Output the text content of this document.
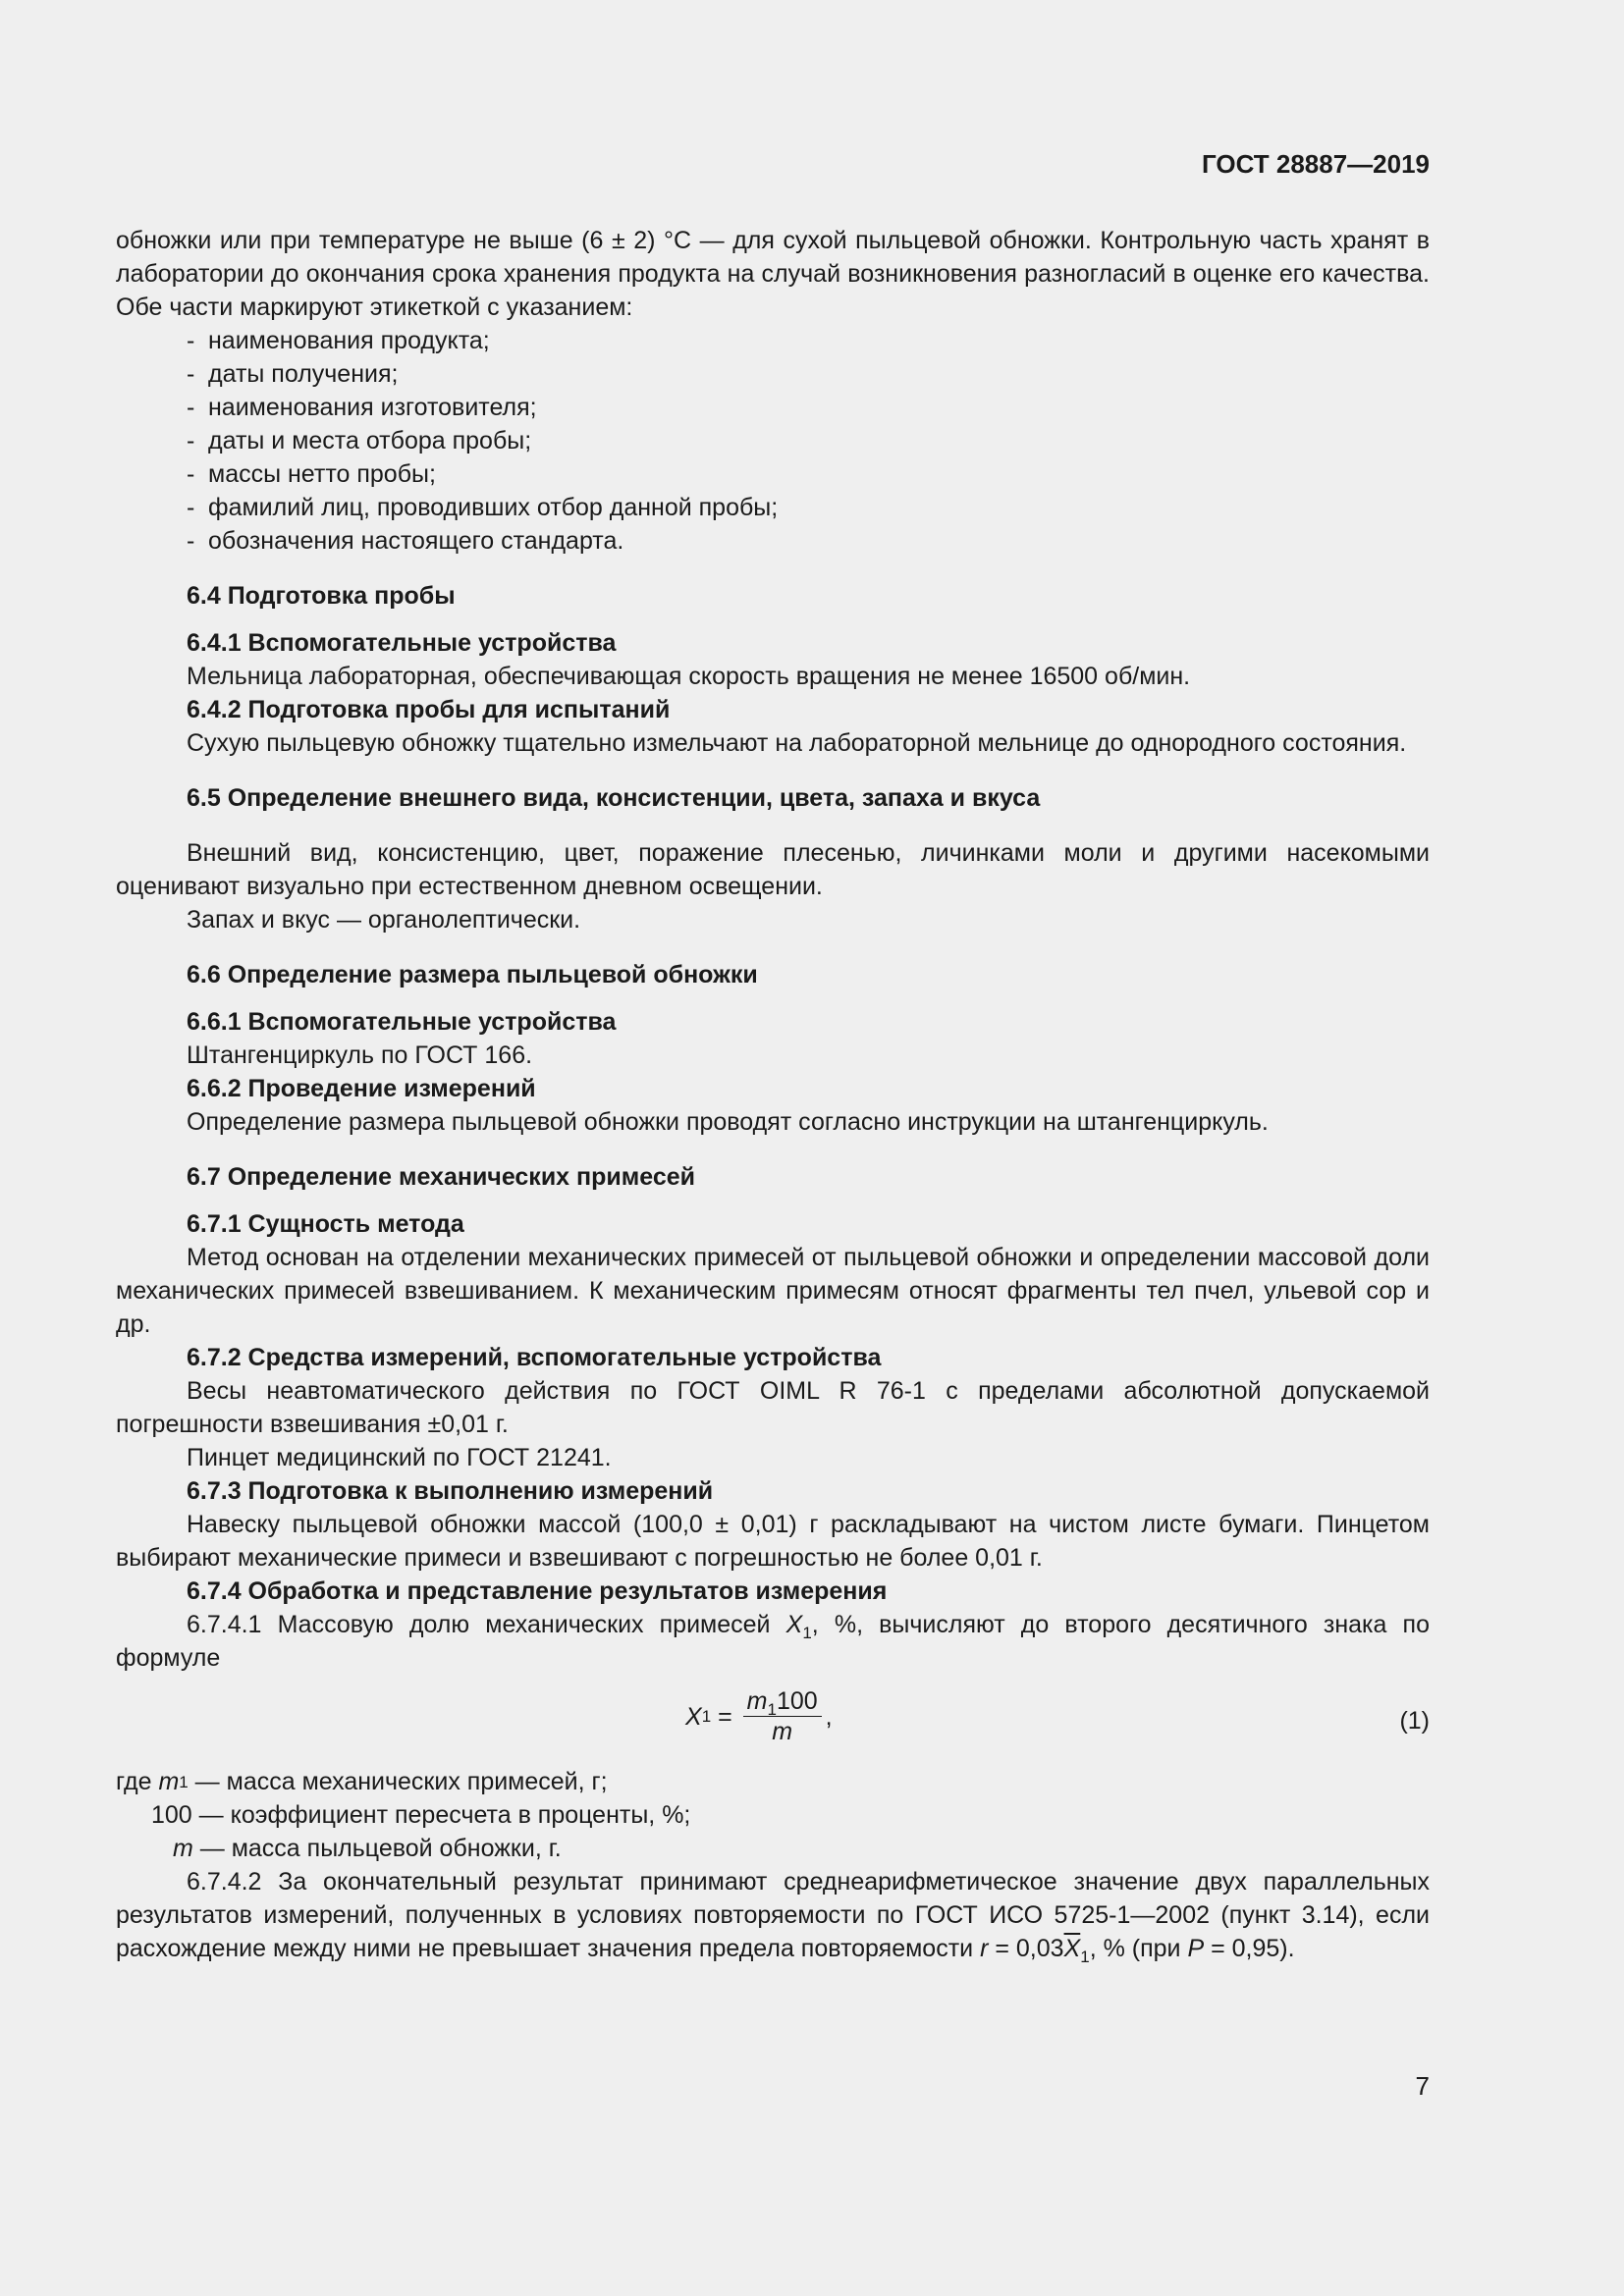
ГОСТ 28887—2019

обножки или при температуре не выше (6 ± 2) °С — для сухой пыльцевой обножки. Контрольную часть хранят в лаборатории до окончания срока хранения продукта на случай возникновения разногласий в оценке его качества. Обе части маркируют этикеткой с указанием:

- наименования продукта;
- даты получения;
- наименования изготовителя;
- даты и места отбора пробы;
- массы нетто пробы;
- фамилий лиц, проводивших отбор данной пробы;
- обозначения настоящего стандарта.

6.4 Подготовка пробы

6.4.1 Вспомогательные устройства

Мельница лабораторная, обеспечивающая скорость вращения не менее 16500 об/мин.

6.4.2 Подготовка пробы для испытаний

Сухую пыльцевую обножку тщательно измельчают на лабораторной мельнице до однородного состояния.

6.5 Определение внешнего вида, консистенции, цвета, запаха и вкуса

Внешний вид, консистенцию, цвет, поражение плесенью, личинками моли и другими насекомыми оценивают визуально при естественном дневном освещении.

Запах и вкус — органолептически.

6.6 Определение размера пыльцевой обножки

6.6.1 Вспомогательные устройства

Штангенциркуль по ГОСТ 166.

6.6.2 Проведение измерений

Определение размера пыльцевой обножки проводят согласно инструкции на штангенциркуль.

6.7 Определение механических примесей

6.7.1 Сущность метода

Метод основан на отделении механических примесей от пыльцевой обножки и определении массовой доли механических примесей взвешиванием. К механическим примесям относят фрагменты тел пчел, ульевой сор и др.

6.7.2 Средства измерений, вспомогательные устройства

Весы неавтоматического действия по ГОСТ OIML R 76-1 с пределами абсолютной допускаемой погрешности взвешивания ±0,01 г.

Пинцет медицинский по ГОСТ 21241.

6.7.3 Подготовка к выполнению измерений

Навеску пыльцевой обножки массой (100,0 ± 0,01) г раскладывают на чистом листе бумаги. Пинцетом выбирают механические примеси и взвешивают с погрешностью не более 0,01 г.

6.7.4 Обработка и представление результатов измерения

6.7.4.1 Массовую долю механических примесей $X_1$, %, вычисляют до второго десятичного знака по формуле

X $1 = \frac{m_1100}{m}$ ,	(1)
где m 1 — масса механических примесей, г;
100 — коэффициент пересчета в проценты, %;
m — масса пыльцевой обножки, г.

6.7.4.2 За окончательный результат принимают среднеарифметическое значение двух параллельных результатов измерений, полученных в условиях повторяемости по ГОСТ ИСО 5725-1—2002 (пункт 3.14), если расхождение между ними не превышает значения предела повторяемости $r = 0,03\overline{X}_1$, % (при P = 0,95).

7
